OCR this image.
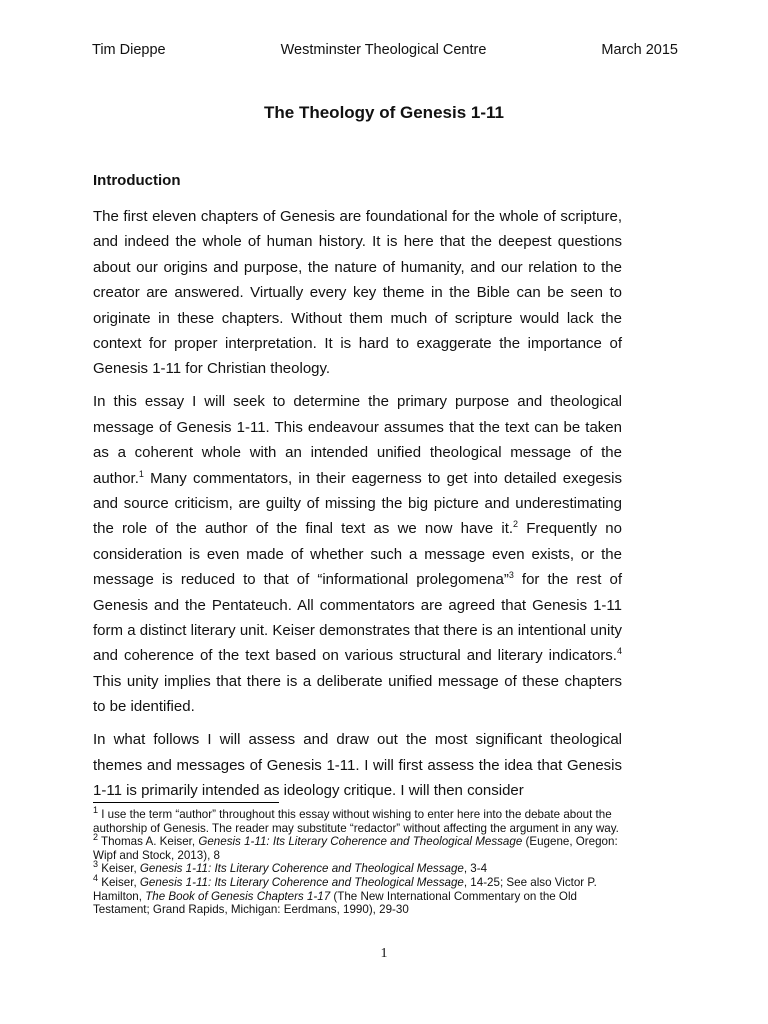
Tim Dieppe	Westminster Theological Centre	March 2015
The Theology of Genesis 1-11
Introduction

The first eleven chapters of Genesis are foundational for the whole of scripture, and indeed the whole of human history. It is here that the deepest questions about our origins and purpose, the nature of humanity, and our relation to the creator are answered. Virtually every key theme in the Bible can be seen to originate in these chapters. Without them much of scripture would lack the context for proper interpretation. It is hard to exaggerate the importance of Genesis 1-11 for Christian theology.

In this essay I will seek to determine the primary purpose and theological message of Genesis 1-11. This endeavour assumes that the text can be taken as a coherent whole with an intended unified theological message of the author.$^1$ Many commentators, in their eagerness to get into detailed exegesis and source criticism, are guilty of missing the big picture and underestimating the role of the author of the final text as we now have it.$^2$ Frequently no consideration is even made of whether such a message even exists, or the message is reduced to that of “informational prolegomena”$^3$ for the rest of Genesis and the Pentateuch. All commentators are agreed that Genesis 1-11 form a distinct literary unit. Keiser demonstrates that there is an intentional unity and coherence of the text based on various structural and literary indicators.$^4$ This unity implies that there is a deliberate unified message of these chapters to be identified.

In what follows I will assess and draw out the most significant theological themes and messages of Genesis 1-11. I will first assess the idea that Genesis 1-11 is primarily intended as ideology critique. I will then consider

$^1$ I use the term “author” throughout this essay without wishing to enter here into the debate about the authorship of Genesis. The reader may substitute “redactor” without affecting the argument in any way.
$^2$ Thomas A. Keiser, Genesis 1-11: Its Literary Coherence and Theological Message (Eugene, Oregon: Wipf and Stock, 2013), 8
$^3$ Keiser, Genesis 1-11: Its Literary Coherence and Theological Message, 3-4
$^4$ Keiser, Genesis 1-11: Its Literary Coherence and Theological Message, 14-25; See also Victor P. Hamilton, The Book of Genesis Chapters 1-17 (The New International Commentary on the Old Testament; Grand Rapids, Michigan: Eerdmans, 1990), 29-30
1
